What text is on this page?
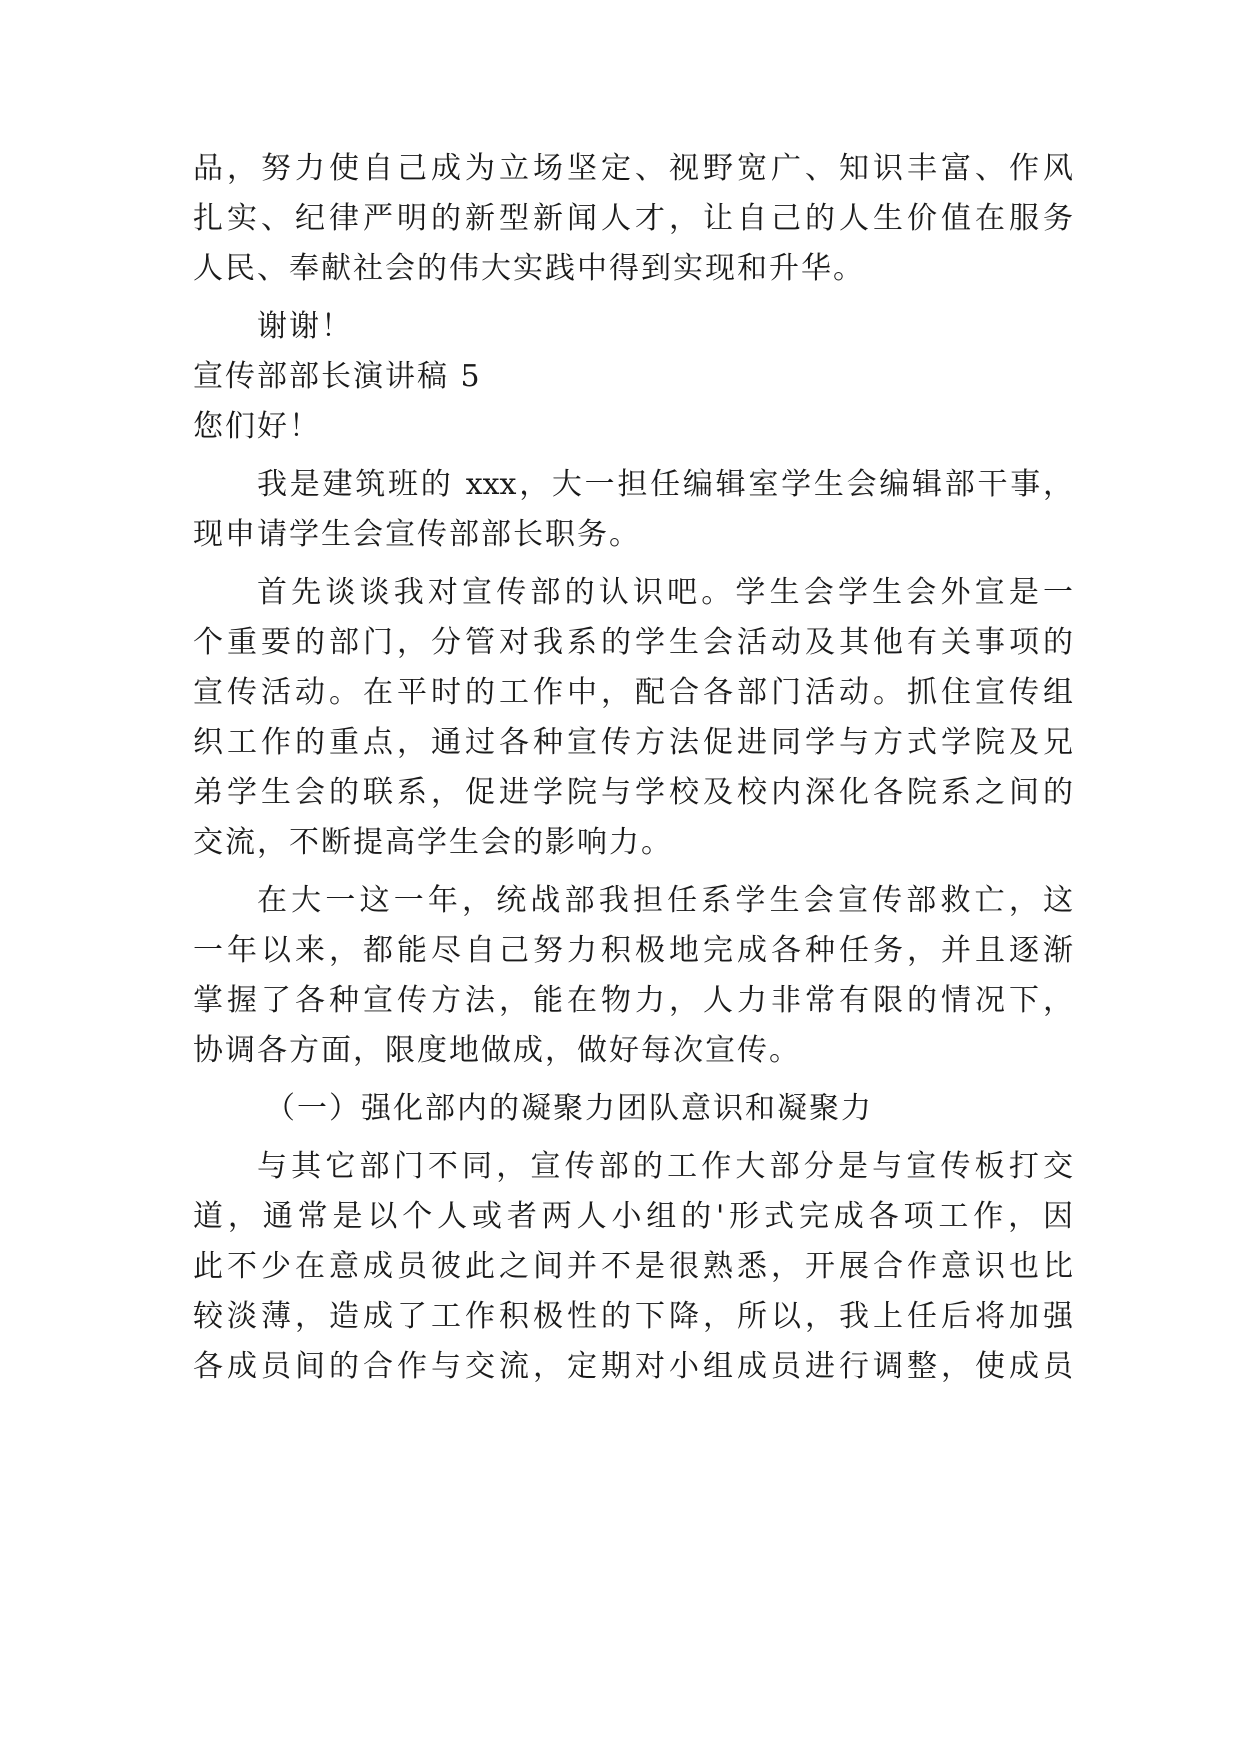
品，努力使自己成为立场坚定、视野宽广、知识丰富、作风
扎实、纪律严明的新型新闻人才，让自己的人生价值在服务
人民、奉献社会的伟大实践中得到实现和升华。
谢谢！
宣传部部长演讲稿 5
您们好！
我是建筑班的 xxx，大一担任编辑室学生会编辑部干事，
现申请学生会宣传部部长职务。
首先谈谈我对宣传部的认识吧。学生会学生会外宣是一
个重要的部门，分管对我系的学生会活动及其他有关事项的
宣传活动。在平时的工作中，配合各部门活动。抓住宣传组
织工作的重点，通过各种宣传方法促进同学与方式学院及兄
弟学生会的联系，促进学院与学校及校内深化各院系之间的
交流，不断提高学生会的影响力。
在大一这一年，统战部我担任系学生会宣传部救亡，这
一年以来，都能尽自己努力积极地完成各种任务，并且逐渐
掌握了各种宣传方法，能在物力，人力非常有限的情况下，
协调各方面，限度地做成，做好每次宣传。
（一）强化部内的凝聚力团队意识和凝聚力
与其它部门不同，宣传部的工作大部分是与宣传板打交
道，通常是以个人或者两人小组的'形式完成各项工作，因
此不少在意成员彼此之间并不是很熟悉，开展合作意识也比
较淡薄，造成了工作积极性的下降，所以，我上任后将加强
各成员间的合作与交流，定期对小组成员进行调整，使成员
